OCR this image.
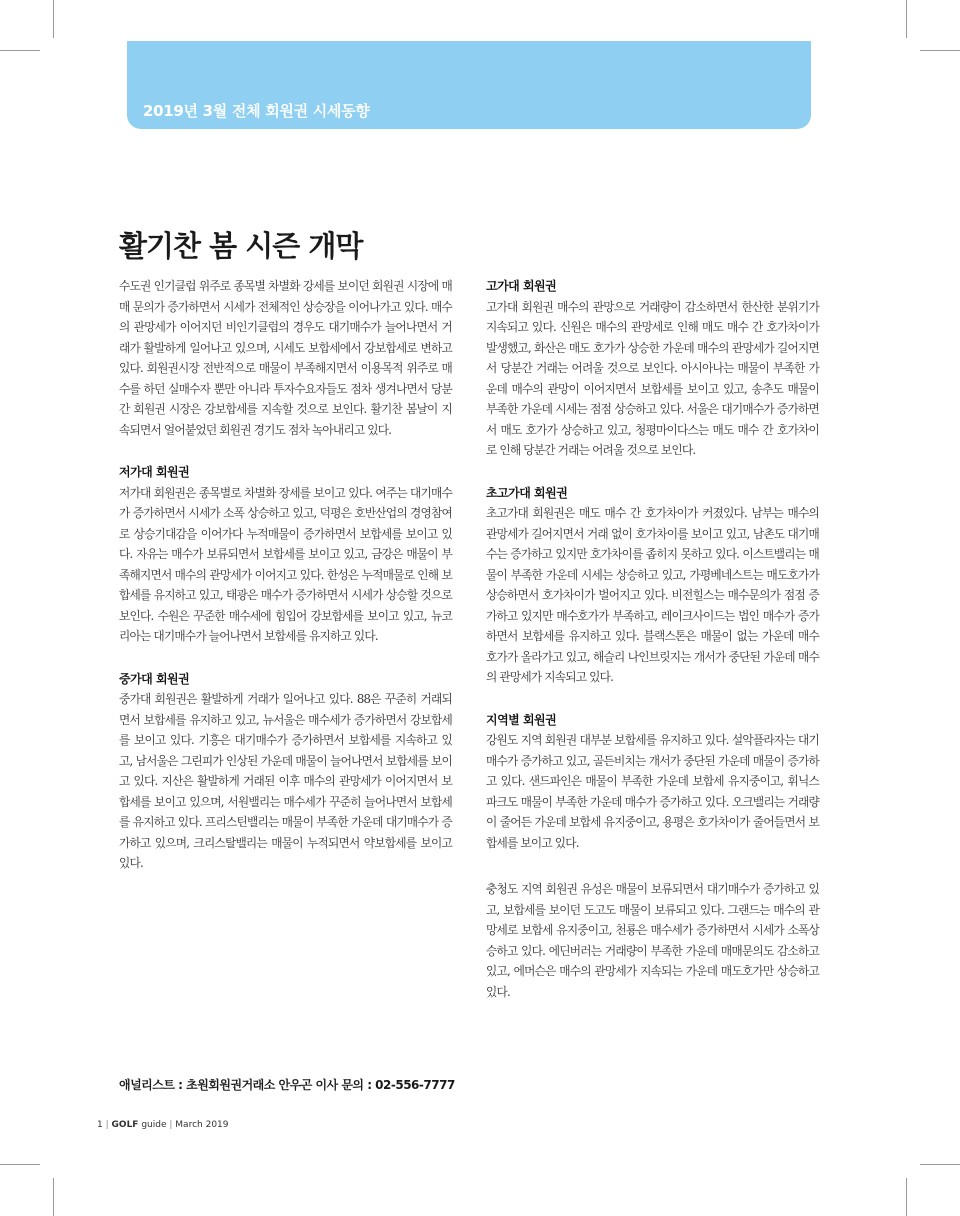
2019년 3월 전체 회원권 시세동향
활기찬 봄 시즌 개막

수도권 인기클럽 위주로 종목별 차별화 강세를 보이던 회원권 시장에 매매 문의가 증가하면서 시세가 전체적인 상승장을 이어나가고 있다. 매수의 관망세가 이어지던 비인기클럽의 경우도 대기매수가 늘어나면서 거래가 활발하게 일어나고 있으며, 시세도 보합세에서 강보합세로 변하고 있다. 회원권시장 전반적으로 매물이 부족해지면서 이용목적 위주로 매수를 하던 실매수자 뿐만 아니라 투자수요자들도 점차 생겨나면서 당분간 회원권 시장은 강보합세를 지속할 것으로 보인다. 활기찬 봄날이 지속되면서 얼어붙었던 회원권 경기도 점차 녹아내리고 있다.

저가대 회원권

저가대 회원권은 종목별로 차별화 장세를 보이고 있다. 여주는 대기매수가 증가하면서 시세가 소폭 상승하고 있고, 덕평은 호반산업의 경영참여로 상승기대감을 이어가다 누적매물이 증가하면서 보합세를 보이고 있다. 자유는 매수가 보류되면서 보합세를 보이고 있고, 금강은 매물이 부족해지면서 매수의 관망세가 이어지고 있다. 한성은 누적매물로 인해 보합세를 유지하고 있고, 태광은 매수가 증가하면서 시세가 상승할 것으로 보인다. 수원은 꾸준한 매수세에 힘입어 강보합세를 보이고 있고, 뉴코리아는 대기매수가 늘어나면서 보합세를 유지하고 있다.

중가대 회원권

중가대 회원권은 활발하게 거래가 일어나고 있다. 88은 꾸준히 거래되면서 보합세를 유지하고 있고, 뉴서울은 매수세가 증가하면서 강보합세를 보이고 있다. 기흥은 대기매수가 증가하면서 보합세를 지속하고 있고, 남서울은 그린피가 인상된 가운데 매물이 늘어나면서 보합세를 보이고 있다. 지산은 활발하게 거래된 이후 매수의 관망세가 이어지면서 보합세를 보이고 있으며, 서원밸리는 매수세가 꾸준히 늘어나면서 보합세를 유지하고 있다. 프리스틴밸리는 매물이 부족한 가운데 대기매수가 증가하고 있으며, 크리스탈밸리는 매물이 누적되면서 약보합세를 보이고 있다.

고가대 회원권

고가대 회원권 매수의 관망으로 거래량이 감소하면서 한산한 분위기가 지속되고 있다. 신원은 매수의 관망세로 인해 매도 매수 간 호가차이가 발생했고, 화산은 매도 호가가 상승한 가운데 매수의 관망세가 길어지면서 당분간 거래는 어려울 것으로 보인다. 아시아나는 매물이 부족한 가운데 매수의 관망이 이어지면서 보합세를 보이고 있고, 송추도 매물이 부족한 가운데 시세는 점점 상승하고 있다. 서울은 대기매수가 증가하면서 매도 호가가 상승하고 있고, 청평마이다스는 매도 매수 간 호가차이로 인해 당분간 거래는 어려울 것으로 보인다.

초고가대 회원권

초고가대 회원권은 매도 매수 간 호가차이가 커졌있다. 남부는 매수의 관망세가 길어지면서 거래 없이 호가차이를 보이고 있고, 남촌도 대기매수는 증가하고 있지만 호가차이를 좁히지 못하고 있다. 이스트밸리는 매물이 부족한 가운데 시세는 상승하고 있고, 가평베네스트는 매도호가가 상승하면서 호가차이가 벌어지고 있다. 비전힐스는 매수문의가 점점 증가하고 있지만 매수호가가 부족하고, 레이크사이드는 법인 매수가 증가하면서 보합세를 유지하고 있다. 블랙스톤은 매물이 없는 가운데 매수 호가가 올라가고 있고, 해슬리 나인브릿지는 개서가 중단된 가운데 매수의 관망세가 지속되고 있다.

지역별 회원권

강원도 지역 회원권 대부분 보합세를 유지하고 있다. 설악플라자는 대기매수가 증가하고 있고, 골든비치는 개서가 중단된 가운데 매물이 증가하고 있다. 샌드파인은 매물이 부족한 가운데 보합세 유지중이고, 휘닉스파크도 매물이 부족한 가운데 매수가 증가하고 있다. 오크밸리는 거래량이 줄어든 가운데 보합세 유지중이고, 용평은 호가차이가 줄어들면서 보합세를 보이고 있다.

충청도 지역 회원권 유성은 매물이 보류되면서 대기매수가 증가하고 있고, 보합세를 보이던 도고도 매물이 보류되고 있다. 그랜드는 매수의 관망세로 보합세 유지중이고, 천룡은 매수세가 증가하면서 시세가 소폭상승하고 있다. 에딘버러는 거래량이 부족한 가운데 매매문의도 감소하고 있고, 에머슨은 매수의 관망세가 지속되는 가운데 매도호가만 상승하고 있다.

애널리스트 : 초원회원권거래소 안우곤 이사 문의 : 02-556-7777
1 | GOLF guide | March 2019
